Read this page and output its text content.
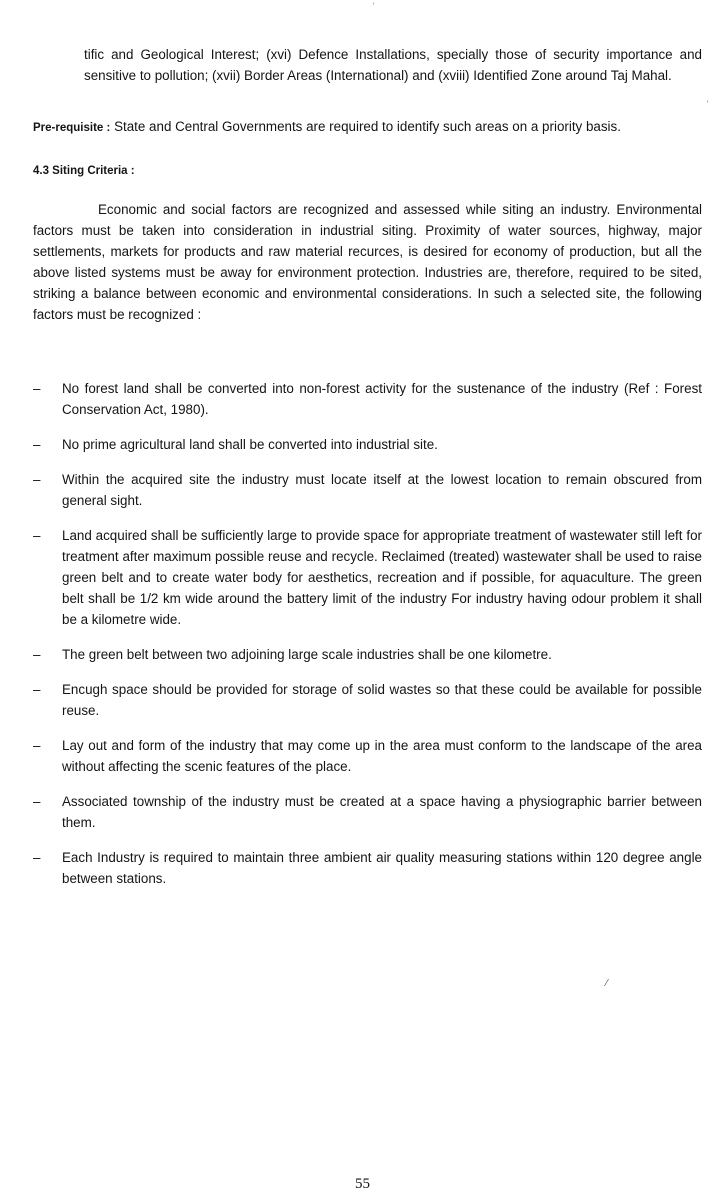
tific and Geological Interest; (xvi) Defence Installations, specially those of security importance and sensitive to pollution; (xvii) Border Areas (International) and (xviii) Identified Zone around Taj Mahal.
Pre-requisite : State and Central Governments are required to identify such areas on a priority basis.
4.3 Siting Criteria :
Economic and social factors are recognized and assessed while siting an industry. Environmental factors must be taken into consideration in industrial siting. Proximity of water sources, highway, major settlements, markets for products and raw material recurces, is desired for economy of production, but all the above listed systems must be away for environment protection. Industries are, therefore, required to be sited, striking a balance between economic and environmental considerations. In such a selected site, the following factors must be recognized :
– No forest land shall be converted into non-forest activity for the sustenance of the industry (Ref : Forest Conservation Act, 1980).
– No prime agricultural land shall be converted into industrial site.
– Within the acquired site the industry must locate itself at the lowest location to remain obscured from general sight.
– Land acquired shall be sufficiently large to provide space for appropriate treatment of wastewater still left for treatment after maximum possible reuse and recycle. Reclaimed (treated) wastewater shall be used to raise green belt and to create water body for aesthetics, recreation and if possible, for aquaculture. The green belt shall be 1/2 km wide around the battery limit of the industry For industry having odour problem it shall be a kilometre wide.
– The green belt between two adjoining large scale industries shall be one kilometre.
– Encugh space should be provided for storage of solid wastes so that these could be available for possible reuse.
– Lay out and form of the industry that may come up in the area must conform to the landscape of the area without affecting the scenic features of the place.
– Associated township of the industry must be created at a space having a physiographic barrier between them.
– Each Industry is required to maintain three ambient air quality measuring stations within 120 degree angle between stations.
ʾ
ʾ
⁄
55
